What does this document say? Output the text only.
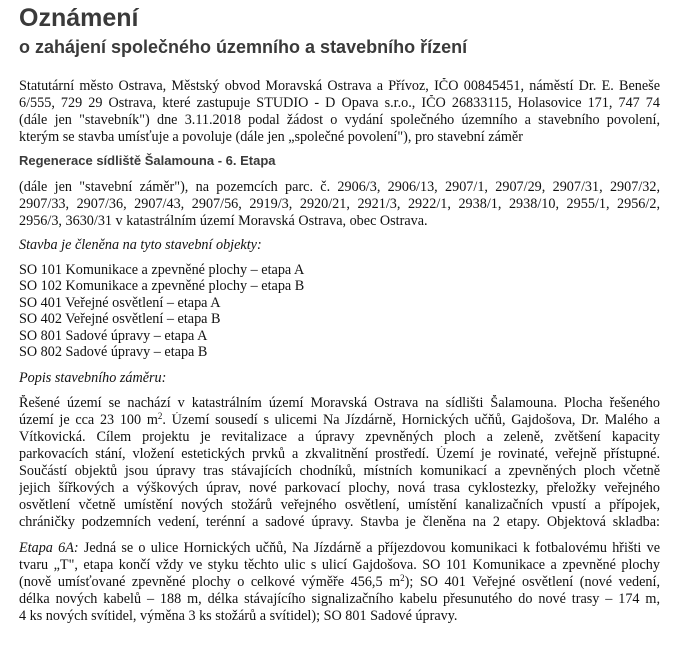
Oznámení
o zahájení společného územního a stavebního řízení

Statutární město Ostrava, Městský obvod Moravská Ostrava a Přívoz, IČO 00845451, náměstí Dr. E. Beneše

6/555, 729 29 Ostrava, které zastupuje STUDIO - D Opava s.r.o., IČO 26833115, Holasovice 171, 747 74

(dále jen "stavebník") dne 3.11.2018 podal žádost o vydání společného územního a stavebního povolení,

kterým se stavba umísťuje a povoluje (dále jen „společné povolení"), pro stavební záměr

Regenerace sídliště Šalamouna - 6. Etapa

(dále jen "stavební záměr"), na pozemcích parc. č. 2906/3, 2906/13, 2907/1, 2907/29, 2907/31, 2907/32,

2907/33, 2907/36, 2907/43, 2907/56, 2919/3, 2920/21, 2921/3, 2922/1, 2938/1, 2938/10, 2955/1, 2956/2,

2956/3, 3630/31 v katastrálním území Moravská Ostrava, obec Ostrava.

Stavba je členěna na tyto stavební objekty:

SO 101 Komunikace a zpevněné plochy – etapa A

SO 102 Komunikace a zpevněné plochy – etapa B

SO 401 Veřejné osvětlení – etapa A

SO 402 Veřejné osvětlení – etapa B

SO 801 Sadové úpravy – etapa A

SO 802 Sadové úpravy – etapa B

Popis stavebního záměru:

Řešené území se nachází v katastrálním území Moravská Ostrava na sídlišti Šalamouna. Plocha řešeného

území je cca 23 100 $m^2$. Území sousedí s ulicemi Na Jízdárně, Hornických učňů, Gajdošova, Dr. Malého a

Vítkovická. Cílem projektu je revitalizace a úpravy zpevněných ploch a zeleně, zvětšení kapacity

parkovacích stání, vložení estetických prvků a zkvalitnění prostředí. Území je rovinaté, veřejně přístupné.

Součástí objektů jsou úpravy tras stávajících chodníků, místních komunikací a zpevněných ploch včetně

jejich šířkových a výškových úprav, nové parkovací plochy, nová trasa cyklostezky, přeložky veřejného

osvětlení včetně umístění nových stožárů veřejného osvětlení, umístění kanalizačních vpustí a přípojek,

chráničky podzemních vedení, terénní a sadové úpravy. Stavba je členěna na 2 etapy. Objektová skladba:

Etapa 6A: Jedná se o ulice Hornických učňů, Na Jízdárně a příjezdovou komunikaci k fotbalovému hřišti ve

tvaru „T", etapa končí vždy ve styku těchto ulic s ulicí Gajdošova. SO 101 Komunikace a zpevněné plochy

(nově umísťované zpevněné plochy o celkové výměře 456,5 $m^2$); SO 401 Veřejné osvětlení (nové vedení,

délka nových kabelů – 188 m, délka stávajícího signalizačního kabelu přesunutého do nové trasy – 174 m,

4 ks nových svítidel, výměna 3 ks stožárů a svítidel); SO 801 Sadové úpravy.
